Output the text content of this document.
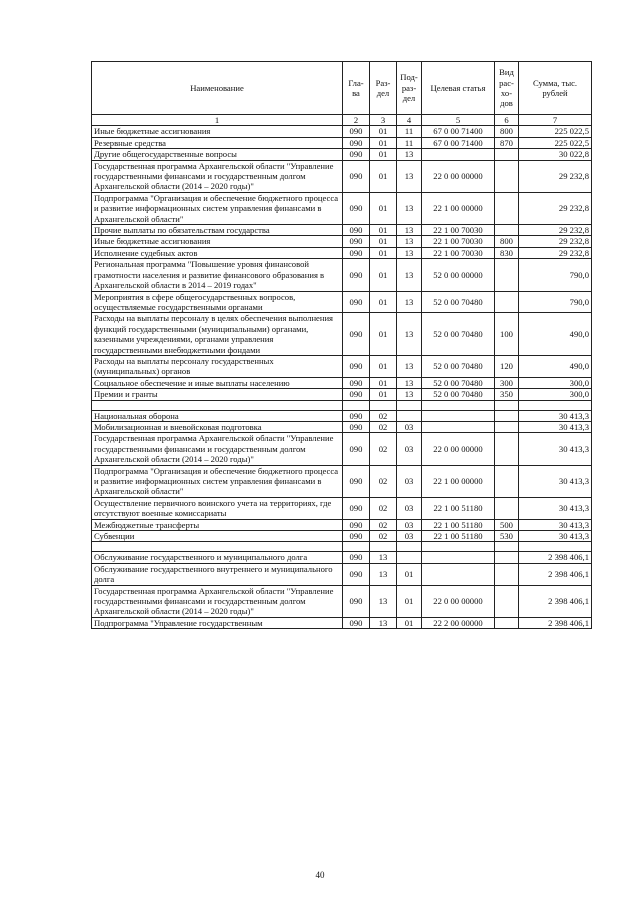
Наименование	Гла-ва	Раз-дел	Под-раз-дел	Целевая статья	Вид рас-хо-дов	Сумма, тыс. рублей
1	2	3	4	5	6	7
Иные бюджетные ассигнования	090	01	11	67 0 00 71400	800	225 022,5
Резервные средства	090	01	11	67 0 00 71400	870	225 022,5
Другие общегосударственные вопросы	090	01	13			30 022,8
Государственная программа Архангельской области "Управление государственными финансами и государственным долгом Архангельской области (2014 – 2020 годы)"	090	01	13	22 0 00 00000		29 232,8
Подпрограмма "Организация и обеспечение бюджетного процесса и развитие информационных систем управления финансами в Архангельской области"	090	01	13	22 1 00 00000		29 232,8
Прочие выплаты по обязательствам государства	090	01	13	22 1 00 70030		29 232,8
Иные бюджетные ассигнования	090	01	13	22 1 00 70030	800	29 232,8
Исполнение судебных актов	090	01	13	22 1 00 70030	830	29 232,8
Региональная программа "Повышение уровня финансовой грамотности населения и развитие финансового образования в Архангельской области в 2014 – 2019 годах"	090	01	13	52 0 00 00000		790,0
Мероприятия в сфере общегосударственных вопросов, осуществляемые государственными органами	090	01	13	52 0 00 70480		790,0
Расходы на выплаты персоналу в целях обеспечения выполнения функций государственными (муниципальными) органами, казенными учреждениями, органами управления государственными внебюджетными фондами	090	01	13	52 0 00 70480	100	490,0
Расходы на выплаты персоналу государственных (муниципальных) органов	090	01	13	52 0 00 70480	120	490,0
Социальное обеспечение и иные выплаты населению	090	01	13	52 0 00 70480	300	300,0
Премии и гранты	090	01	13	52 0 00 70480	350	300,0

Национальная оборона	090	02				30 413,3
Мобилизационная и вневойсковая подготовка	090	02	03			30 413,3
Государственная программа Архангельской области "Управление государственными финансами и государственным долгом Архангельской области (2014 – 2020 годы)"	090	02	03	22 0 00 00000		30 413,3
Подпрограмма "Организация и обеспечение бюджетного процесса и развитие информационных систем управления финансами в Архангельской области"	090	02	03	22 1 00 00000		30 413,3
Осуществление первичного воинского учета на территориях, где отсутствуют военные комиссариаты	090	02	03	22 1 00 51180		30 413,3
Межбюджетные трансферты	090	02	03	22 1 00 51180	500	30 413,3
Субвенции	090	02	03	22 1 00 51180	530	30 413,3

Обслуживание государственного и муниципального долга	090	13				2 398 406,1
Обслуживание государственного внутреннего и муниципального долга	090	13	01			2 398 406,1
Государственная программа Архангельской области "Управление государственными финансами и государственным долгом Архангельской области (2014 – 2020 годы)"	090	13	01	22 0 00 00000		2 398 406,1
Подпрограмма "Управление государственным	090	13	01	22 2 00 00000		2 398 406,1
40
